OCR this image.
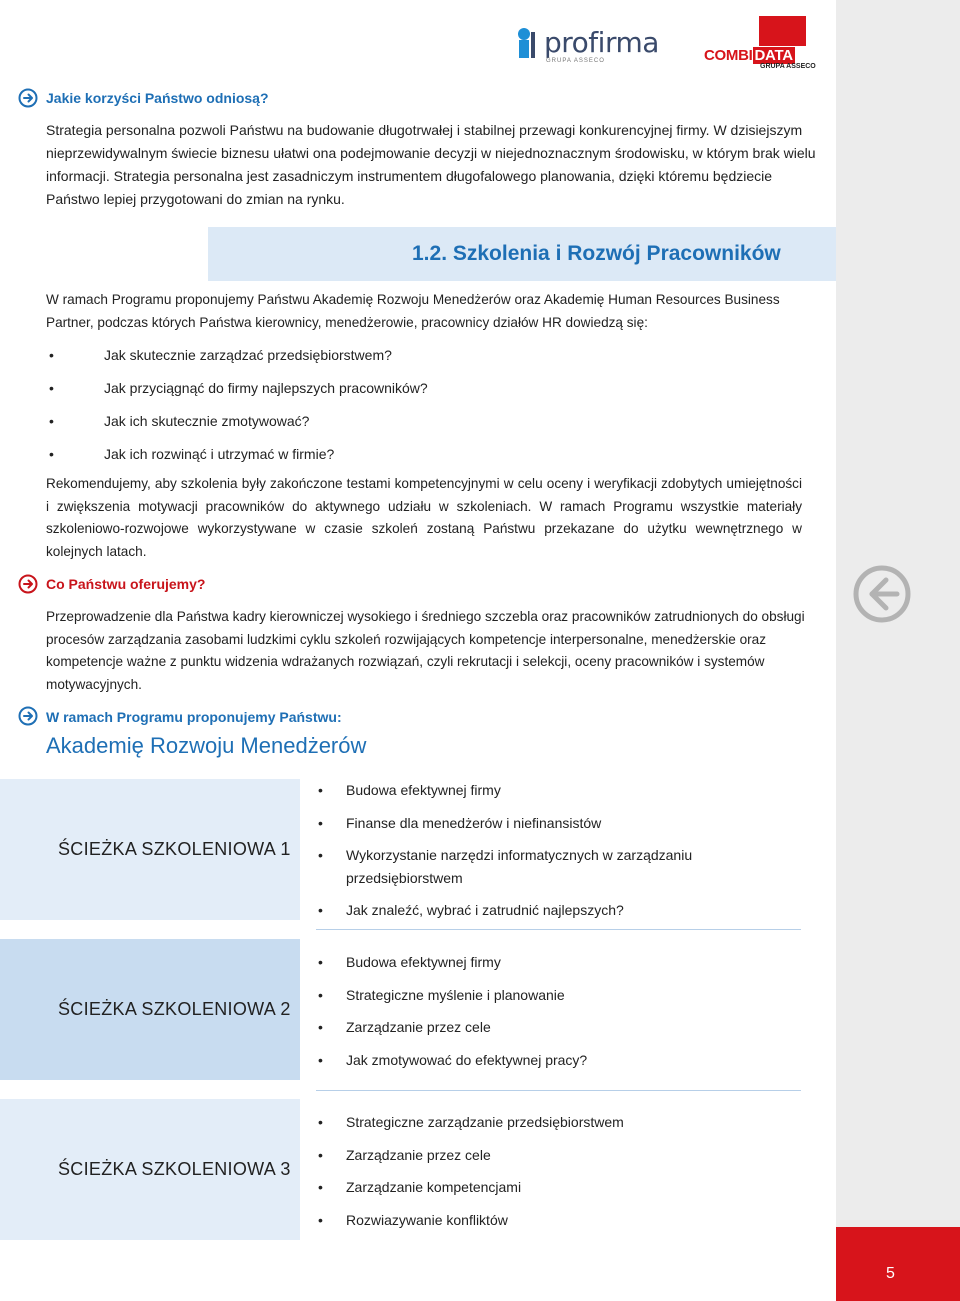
5
profirma
GRUPA ASSECO	COMBI DATA
GRUPA ASSECO
Jakie korzyści Państwo odniosą?
Strategia personalna pozwoli Państwu na budowanie długotrwałej i stabilnej przewagi konkurencyjnej firmy. W dzisiejszym nieprzewidywalnym świecie biznesu ułatwi ona podejmowanie decyzji w niejednoznacznym środowisku, w którym brak wielu informacji. Strategia personalna jest zasadniczym instrumentem długofalowego planowania, dzięki któremu będziecie Państwo lepiej przygotowani do zmian na rynku.
1.2. Szkolenia i Rozwój Pracowników
W ramach Programu proponujemy Państwu Akademię Rozwoju Menedżerów oraz Akademię Human Resources Business Partner, podczas których Państwa kierownicy, menedżerowie, pracownicy działów HR dowiedzą się:
• Jak skutecznie zarządzać przedsiębiorstwem?
• Jak przyciągnąć do firmy najlepszych pracowników?
• Jak ich skutecznie zmotywować?
• Jak ich rozwinąć i utrzymać w firmie?
Rekomendujemy, aby szkolenia były zakończone testami kompetencyjnymi w celu oceny i weryfikacji zdobytych umiejętności i zwiększenia motywacji pracowników do aktywnego udziału w szkoleniach. W ramach Programu wszystkie materiały szkoleniowo-rozwojowe wykorzystywane w czasie szkoleń zostaną Państwu przekazane do użytku wewnętrznego w kolejnych latach.
Co Państwu oferujemy?
Przeprowadzenie dla Państwa kadry kierowniczej wysokiego i średniego szczebla oraz pracowników zatrudnionych do obsługi procesów zarządzania zasobami ludzkimi cyklu szkoleń rozwijających kompetencje interpersonalne, menedżerskie oraz kompetencje ważne z punktu widzenia wdrażanych rozwiązań, czyli rekrutacji i selekcji, oceny pracowników i systemów motywacyjnych.
W ramach Programu proponujemy Państwu:
Akademię Rozwoju Menedżerów
ŚCIEŻKA SZKOLENIOWA 1
• Budowa efektywnej firmy
• Finanse dla menedżerów i niefinansistów
• Wykorzystanie narzędzi informatycznych w zarządzaniu przedsiębiorstwem
• Jak znaleźć, wybrać i zatrudnić najlepszych?
ŚCIEŻKA SZKOLENIOWA 2
• Budowa efektywnej firmy
• Strategiczne myślenie i planowanie
• Zarządzanie przez cele
• Jak zmotywować do efektywnej pracy?
ŚCIEŻKA SZKOLENIOWA 3
• Strategiczne zarządzanie przedsiębiorstwem
• Zarządzanie przez cele
• Zarządzanie kompetencjami
• Rozwiazywanie konfliktów
